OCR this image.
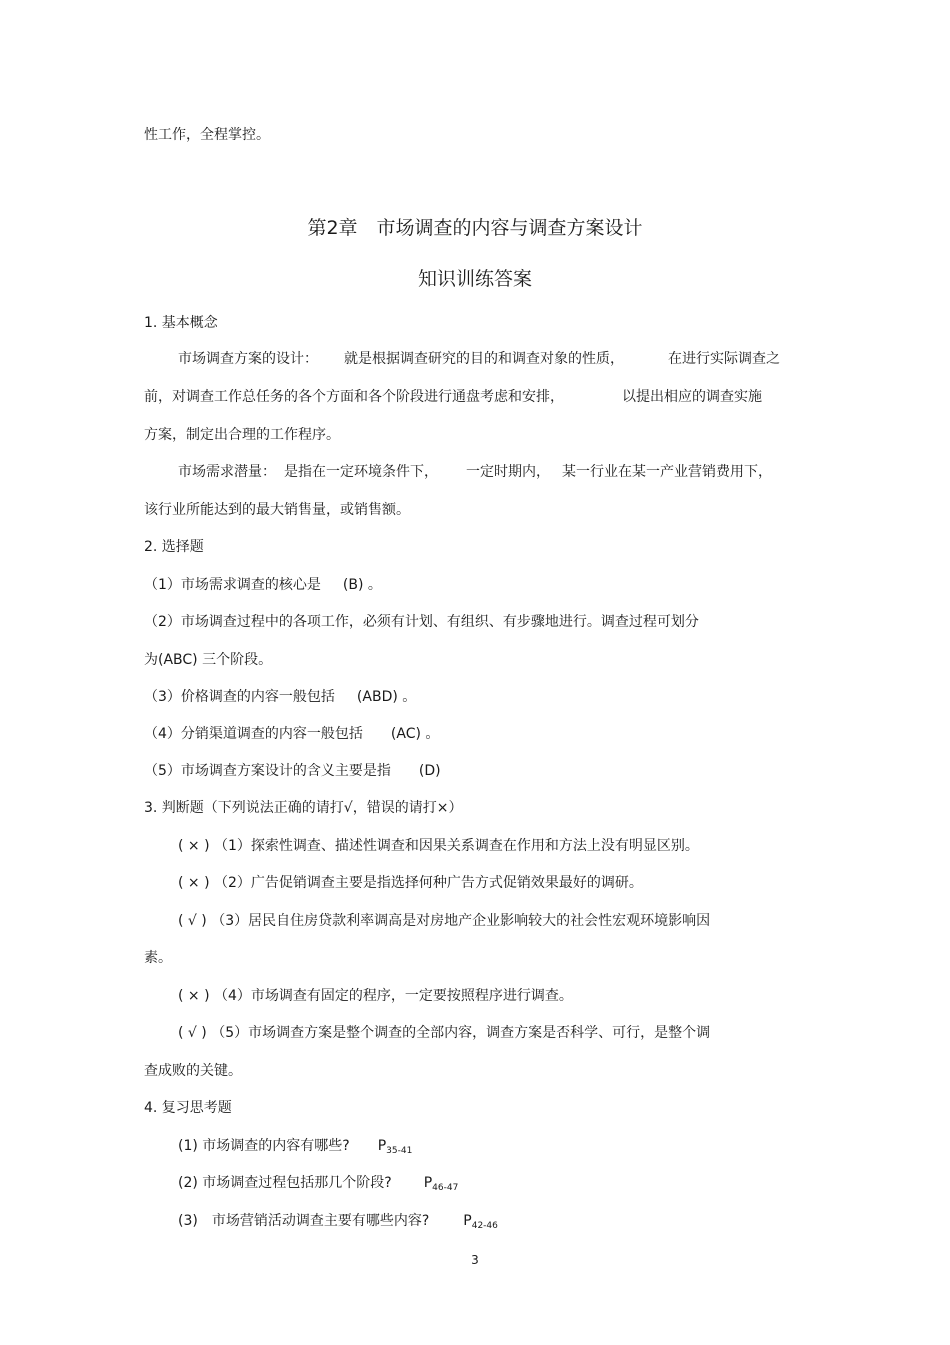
性工作，全程掌控。
第2章　市场调查的内容与调查方案设计
知识训练答案
1. 基本概念
市场调查方案的设计： 就是根据调查研究的目的和调查对象的性质，	在进行实际调查之
前，对调查工作总任务的各个方面和各个阶段进行通盘考虑和安排，	以提出相应的调查实施
方案，制定出合理的工作程序。
市场需求潜量： 是指在一定环境条件下， 一定时期内， 某一行业在某一产业营销费用下，
该行业所能达到的最大销售量，或销售额。
2. 选择题
（1）市场需求调查的核心是 (B) 。
（2）市场调查过程中的各项工作，必须有计划、有组织、有步骤地进行。调查过程可划分
为(ABC) 三个阶段。
（3）价格调查的内容一般包括 (ABD) 。
（4）分销渠道调查的内容一般包括 (AC) 。
（5）市场调查方案设计的含义主要是指 (D)
3. 判断题（下列说法正确的请打√，错误的请打×）
( × ) （1）探索性调查、描述性调查和因果关系调查在作用和方法上没有明显区别。
( × ) （2）广告促销调查主要是指选择何种广告方式促销效果最好的调研。
( √ ) （3）居民自住房贷款利率调高是对房地产企业影响较大的社会性宏观环境影响因
素。
( × ) （4）市场调查有固定的程序，一定要按照程序进行调查。
( √ ) （5）市场调查方案是整个调查的全部内容，调查方案是否科学、可行，是整个调
查成败的关键。
4. 复习思考题
(1) 市场调查的内容有哪些? $P_{35-41}$
(2) 市场调查过程包括那几个阶段? $P_{46-47}$
(3) 市场营销活动调查主要有哪些内容? $P_{42-46}$
3
